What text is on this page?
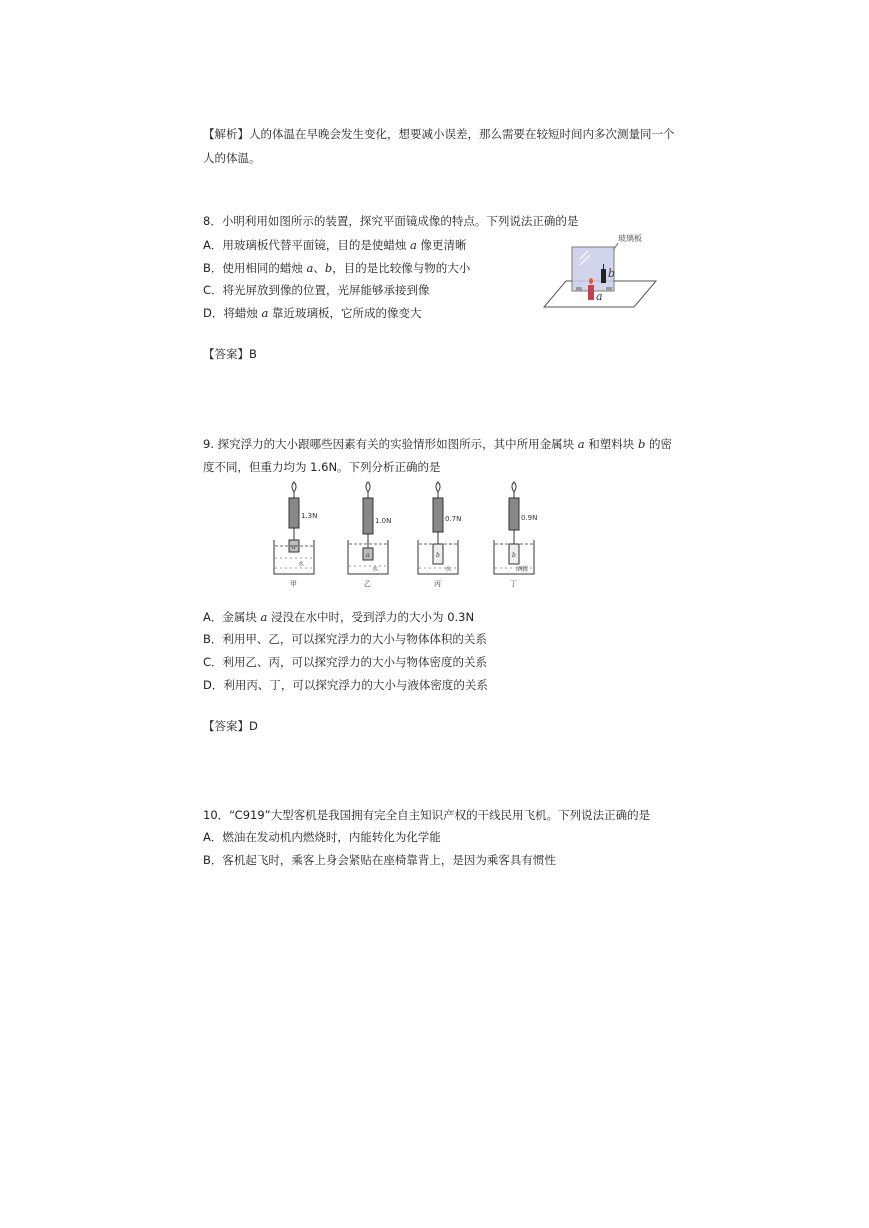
【解析】人的体温在早晚会发生变化，想要减小误差，那么需要在较短时间内多次测量同一个
人的体温。
8．小明利用如图所示的装置，探究平面镜成像的特点。下列说法正确的是
A．用玻璃板代替平面镜，目的是使蜡烛 a 像更清晰
B．使用相同的蜡烛 a、b，目的是比较像与物的大小
C．将光屏放到像的位置，光屏能够承接到像
D．将蜡烛 a 靠近玻璃板，它所成的像变大
【答案】B
玻璃板
b
a
9. 探究浮力的大小跟哪些因素有关的实验情形如图所示，其中所用金属块 a 和塑料块 b 的密
度不同，但重力均为 1.6N。下列分析正确的是
a
1.3N
水
甲
a
1.0N
水
乙
b
0.7N
水
丙
b
0.9N
酒精
丁
A．金属块 a 浸没在水中时，受到浮力的大小为 0.3N
B．利用甲、乙，可以探究浮力的大小与物体体积的关系
C．利用乙、丙，可以探究浮力的大小与物体密度的关系
D．利用丙、丁，可以探究浮力的大小与液体密度的关系
【答案】D
10．“C919”大型客机是我国拥有完全自主知识产权的干线民用飞机。下列说法正确的是
A．燃油在发动机内燃烧时，内能转化为化学能
B．客机起飞时，乘客上身会紧贴在座椅靠背上，是因为乘客具有惯性
